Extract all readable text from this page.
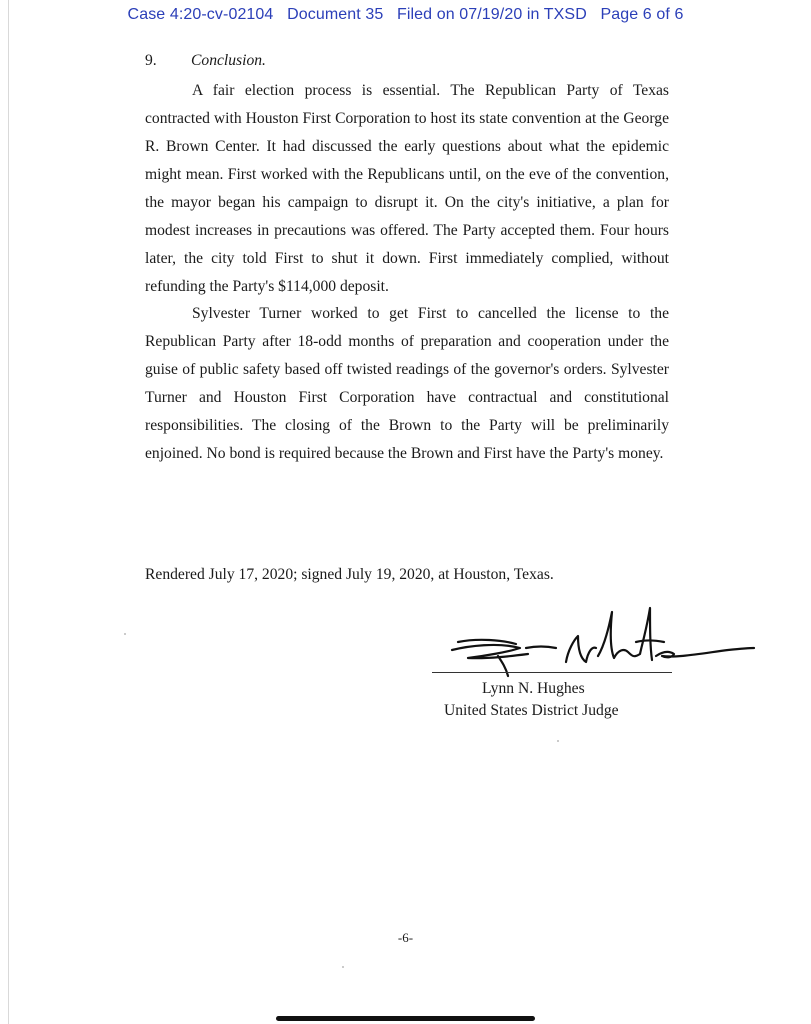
Case 4:20-cv-02104 Document 35 Filed on 07/19/20 in TXSD Page 6 of 6
9. Conclusion.

A fair election process is essential. The Republican Party of Texas contracted with Houston First Corporation to host its state convention at the George R. Brown Center. It had discussed the early questions about what the epidemic might mean. First worked with the Republicans until, on the eve of the convention, the mayor began his campaign to disrupt it. On the city's initiative, a plan for modest increases in precautions was offered. The Party accepted them. Four hours later, the city told First to shut it down. First immediately complied, without refunding the Party's $114,000 deposit.

Sylvester Turner worked to get First to cancelled the license to the Republican Party after 18-odd months of preparation and cooperation under the guise of public safety based off twisted readings of the governor's orders. Sylvester Turner and Houston First Corporation have contractual and constitutional responsibilities. The closing of the Brown to the Party will be preliminarily enjoined. No bond is required because the Brown and First have the Party's money.

Rendered July 17, 2020; signed July 19, 2020, at Houston, Texas.
Lynn N. Hughes
United States District Judge
-6-
